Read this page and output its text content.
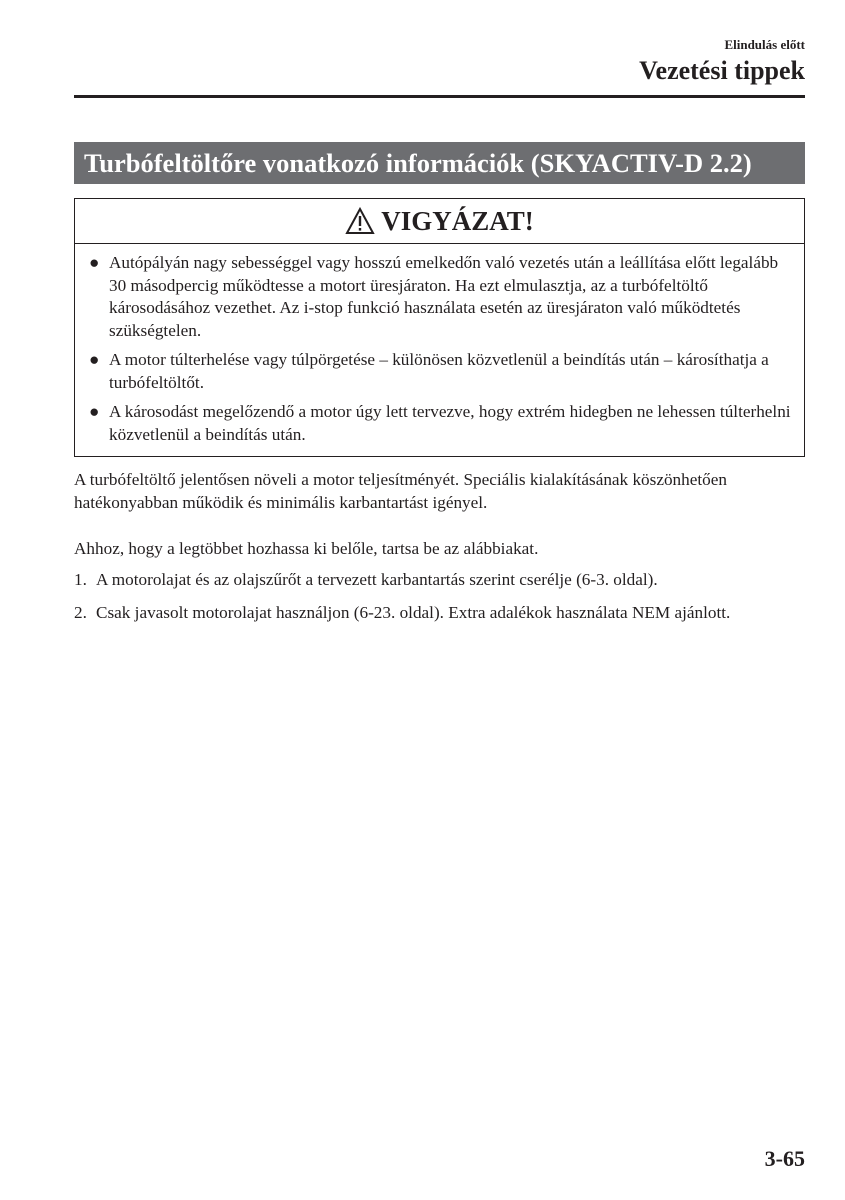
Elindulás előtt
Vezetési tippek
Turbófeltöltőre vonatkozó információk (SKYACTIV-D 2.2)
VIGYÁZAT!
● Autópályán nagy sebességgel vagy hosszú emelkedőn való vezetés után a leállítása előtt legalább 30 másodpercig működtesse a motort üresjáraton. Ha ezt elmulasztja, az a turbófeltöltő károsodásához vezethet. Az i-stop funkció használata esetén az üresjáraton való működtetés szükségtelen.
● A motor túlterhelése vagy túlpörgetése – különösen közvetlenül a beindítás után – károsíthatja a turbófeltöltőt.
● A károsodást megelőzendő a motor úgy lett tervezve, hogy extrém hidegben ne lehessen túlterhelni közvetlenül a beindítás után.

A turbófeltöltő jelentősen növeli a motor teljesítményét. Speciális kialakításának köszönhetően hatékonyabban működik és minimális karbantartást igényel.

Ahhoz, hogy a legtöbbet hozhassa ki belőle, tartsa be az alábbiakat.

1. A motorolajat és az olajszűrőt a tervezett karbantartás szerint cserélje (6-3. oldal).
2. Csak javasolt motorolajat használjon (6-23. oldal). Extra adalékok használata NEM ajánlott.
3-65
